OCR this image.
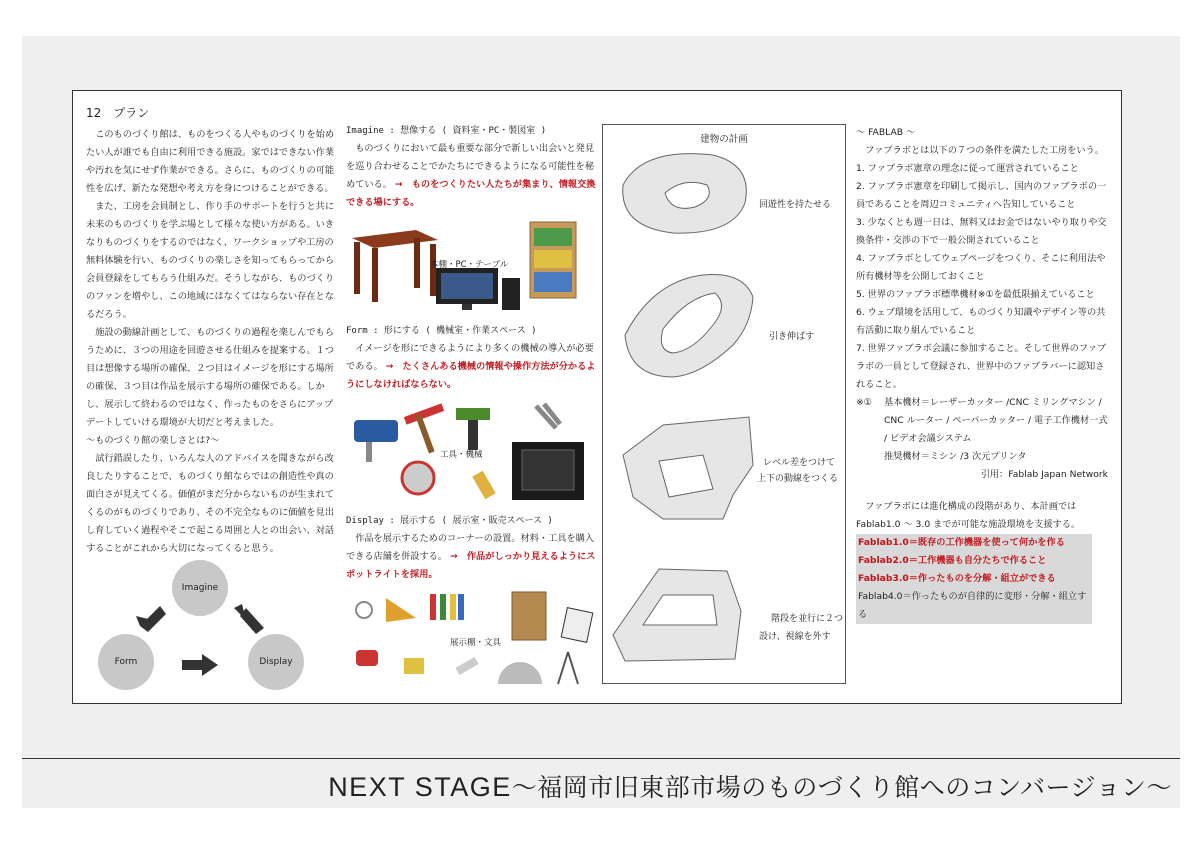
12　プラン

このものづくり館は、ものをつくる人やものづくりを始めたい人が誰でも自由に利用できる施設。家ではできない作業や汚れを気にせず作業ができる。さらに、ものづくりの可能性を広げ、新たな発想や考え方を身につけることができる。

また、工房を会員制とし、作り手のサポートを行うと共に未来のものづくりを学ぶ場として様々な使い方がある。いきなりものづくりをするのではなく、ワークショップや工房の無料体験を行い、ものづくりの楽しさを知ってもらってから会員登録をしてもらう仕組みだ。そうしながら、ものづくりのファンを増やし、この地域にはなくてはならない存在となるだろう。

施設の動線計画として、ものづくりの過程を楽しんでもらうために、３つの用途を回遊させる仕組みを提案する。１つ目は想像する場所の確保、２つ目はイメージを形にする場所の確保、３つ目は作品を展示する場所の確保である。しかし、展示して終わるのではなく、作ったものをさらにアップデートしていける環境が大切だと考えました。

〜ものづくり館の楽しさとは?〜

試行錯誤したり、いろんな人のアドバイスを聞きながら改良したりすることで、ものづくり館ならではの創造性や真の面白さが見えてくる。価値がまだ分からないものが生まれてくるのがものづくりであり、その不完全なものに価値を見出し育していく過程やそこで起こる周囲と人との出会い、対話することがこれから大切になってくると思う。

Imagine
Form	Display
Imagine : 想像する ( 資料室・PC・製図室 )

ものづくりにおいて最も重要な部分で新しい出会いと発見を巡り合わせることでかたちにできるようになる可能性を秘めている。 →　ものをつくりたい人たちが集まり、情報交換できる場にする。

本棚・PC・テーブル
Form : 形にする ( 機械室・作業スペース )

イメージを形にできるようにより多くの機械の導入が必要である。 →　たくさんある機械の情報や操作方法が分かるようにしなければならない。

工具・機械
Display : 展示する ( 展示室・販売スペース )

作品を展示するためのコーナーの設置。材料・工具を購入できる店舗を併設する。 →　作品がしっかり見えるようにスポットライトを採用。

展示棚・文具
建物の計画
回遊性を持たせる
引き伸ばす
レベル差をつけて
上下の動線をつくる
階段を並行に２つ
設け、視線を外す

〜 FABLAB 〜

ファブラボとは以下の７つの条件を満たした工房をいう。

1. ファブラボ憲章の理念に従って運営されていること

2. ファブラボ憲章を印刷して掲示し、国内のファブラボの一員であることを周辺コミュニティへ告知していること

3. 少なくとも週一日は、無料又はお金ではないやり取りや交換条件・交渉の下で一般公開されていること

4. ファブラボとしてウェブページをつくり、そこに利用法や所有機材等を公開しておくこと

5. 世界のファブラボ標準機材※①を最低限揃えていること

6. ウェブ環境を活用して、ものづくり知識やデザイン等の共有活動に取り組んでいること

7. 世界ファブラボ会議に参加すること。そして世界のファブラボの一員として登録され、世界中のファブラバーに認知されること。

※①	基本機材＝レーザーカッター /CNC ミリングマシン /

CNC ルーター / ペーパーカッター / 電子工作機材一式

/ ビデオ会議システム

推奨機材＝ミシン /3 次元プリンタ

引用：Fablab Japan Network

ファブラボには進化構成の段階があり、本計画では

Fablab1.0 〜 3.0 までが可能な施設環境を支援する。

Fablab1.0＝既存の工作機器を使って何かを作る

Fablab2.0＝工作機器も自分たちで作ること

Fablab3.0＝作ったものを分解・組立ができる

Fablab4.0＝作ったものが自律的に変形・分解・組立する

NEXT STAGE〜福岡市旧東部市場のものづくり館へのコンバージョン〜
